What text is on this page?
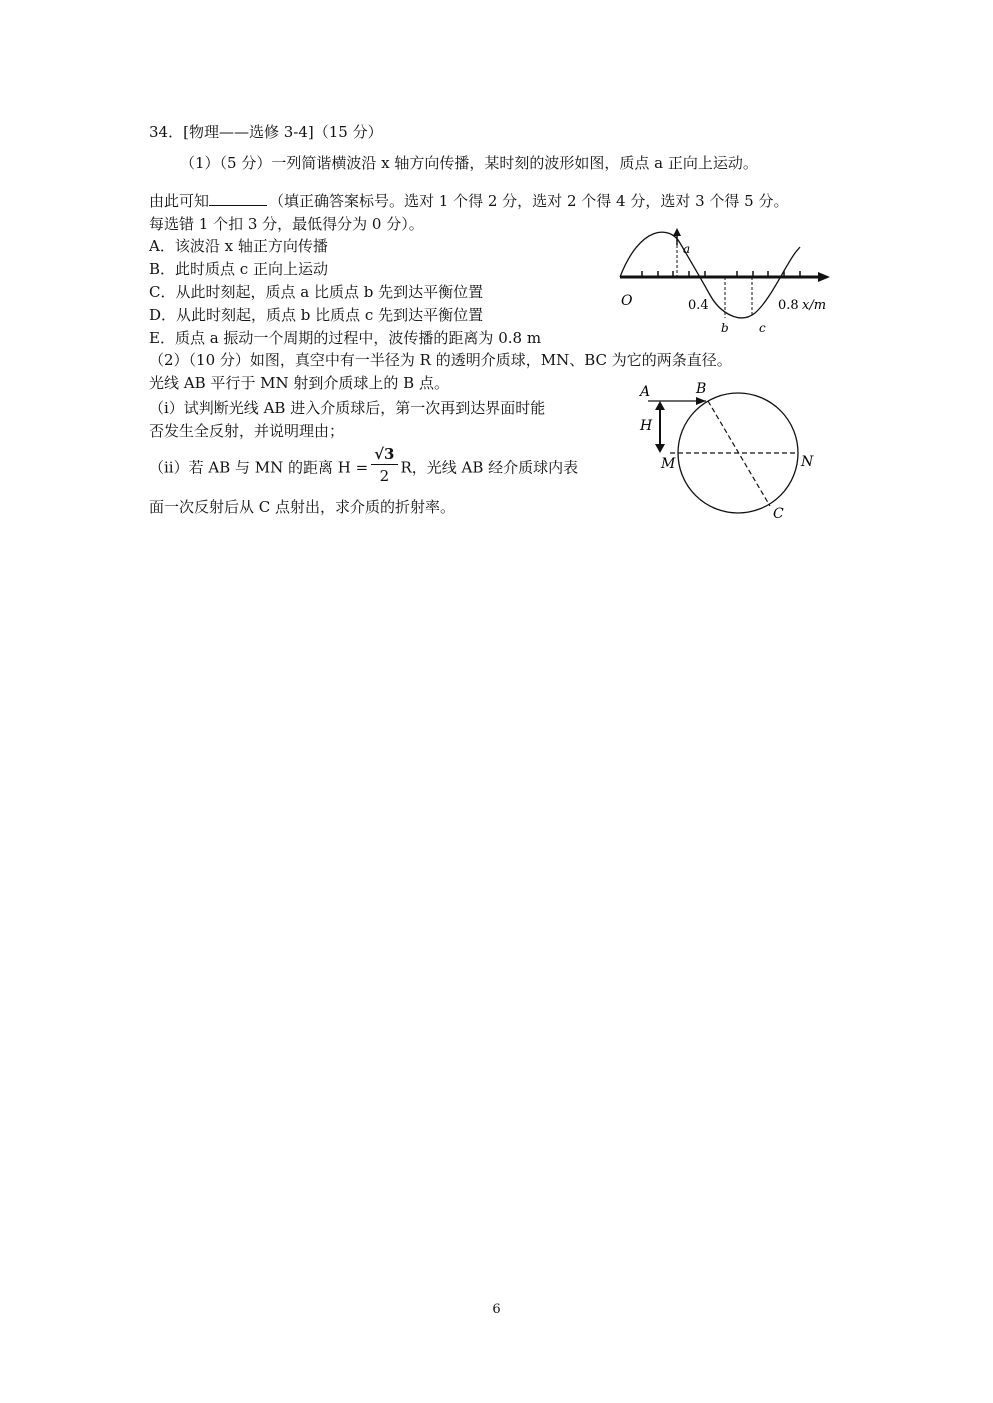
34．[物理——选修 3-4]（15 分）
（1）（5 分）一列简谐横波沿 x 轴方向传播，某时刻的波形如图，质点 a 正向上运动。
由此可知	（填正确答案标号。选对 1 个得 2 分，选对 2 个得 4 分，选对 3 个得 5 分。
每选错 1 个扣 3 分，最低得分为 0 分）。
A．该波沿 x 轴正方向传播
B．此时质点 c 正向上运动
C．从此时刻起，质点 a 比质点 b 先到达平衡位置
D．从此时刻起，质点 b 比质点 c 先到达平衡位置
E．质点 a 振动一个周期的过程中，波传播的距离为 0.8 m
（2）（10 分）如图，真空中有一半径为 R 的透明介质球，MN、BC 为它的两条直径。
光线 AB 平行于 MN 射到介质球上的 B 点。
（i）试判断光线 AB 进入介质球后，第一次再到达界面时能
否发生全反射，并说明理由；
（ii）若 AB 与 MN 的距离 $H = \frac{√3}{2}$ R，光线 AB 经介质球内表
面一次反射后从 C 点射出，求介质的折射率。
O	0.4	0.8 x/m
a
b	c
A	B
H
M	N
C
6
